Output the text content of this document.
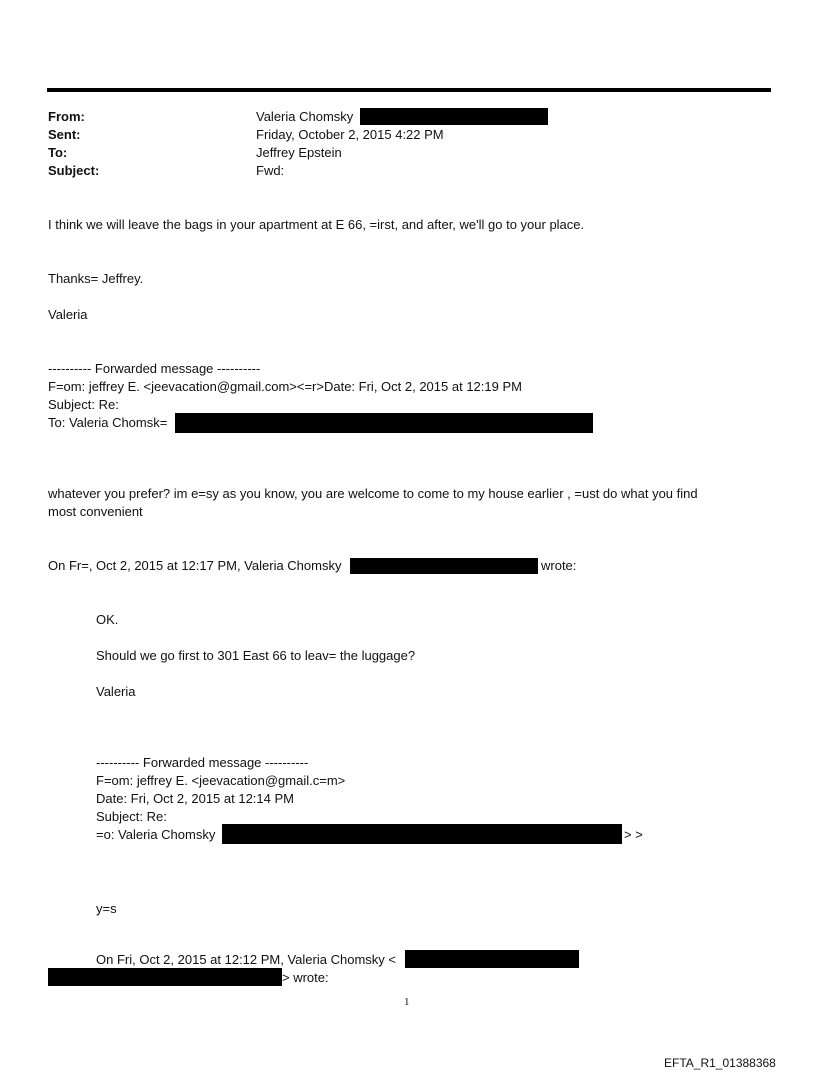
From:	Valeria Chomsky
Sent:	Friday, October 2, 2015 4:22 PM
To:	Jeffrey Epstein
Subject:	Fwd:
I think we will leave the bags in your apartment at E 66, =irst, and after, we'll go to your place.
Thanks= Jeffrey.
Valeria
---------- Forwarded message ----------
F=om: jeffrey E. <jeevacation@gmail.com><=r>Date: Fri, Oct 2, 2015 at 12:19 PM
Subject: Re:
To: Valeria Chomsk=
whatever you prefer? im e=sy as you know, you are welcome to come to my house earlier , =ust do what you find
most convenient
On Fr=, Oct 2, 2015 at 12:17 PM, Valeria Chomsky	wrote:
OK.
Should we go first to 301 East 66 to leav= the luggage?
Valeria
---------- Forwarded message ----------
F=om: jeffrey E. <jeevacation@gmail.c=m>
Date: Fri, Oct 2, 2015 at 12:14 PM
Subject: Re:
=o: Valeria Chomsky	> >
y=s
On Fri, Oct 2, 2015 at 12:12 PM, Valeria Chomsky <
> wrote:
1
EFTA_R1_01388368
